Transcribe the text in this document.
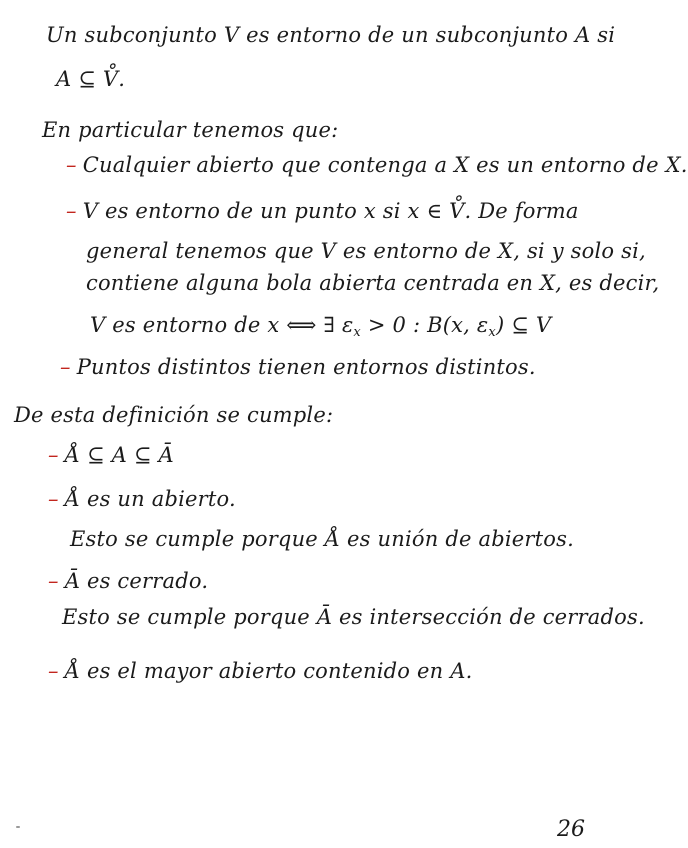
Un subconjunto V es entorno de un subconjunto A si
A ⊆ V̊.
En particular tenemos que:
– Cualquier abierto que contenga a X es un entorno de X.
– V es entorno de un punto x si x ∈ V̊. De forma
general tenemos que V es entorno de X, si y solo si,
contiene alguna bola abierta centrada en X, es decir,
V es entorno de x ⟺ ∃ $\varepsilon_x > 0$ : B(x, $\varepsilon_x$) ⊆ V
– Puntos distintos tienen entornos distintos.
De esta definición se cumple:
– Å ⊆ A ⊆ Ā
– Å es un abierto.
Esto se cumple porque Å es unión de abiertos.
– Ā es cerrado.
Esto se cumple porque Ā es intersección de cerrados.
– Å es el mayor abierto contenido en A.
26
